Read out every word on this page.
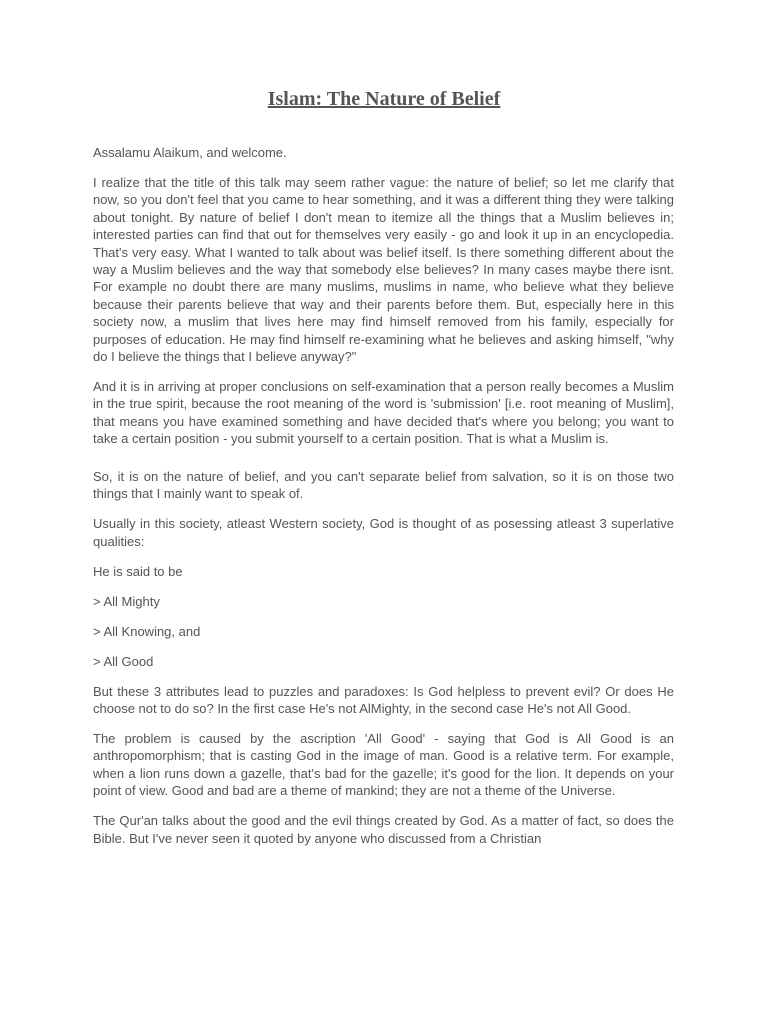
Islam: The Nature of Belief

Assalamu Alaikum, and welcome.

I realize that the title of this talk may seem rather vague: the nature of belief; so let me clarify that now, so you don't feel that you came to hear something, and it was a different thing they were talking about tonight. By nature of belief I don't mean to itemize all the things that a Muslim believes in; interested parties can find that out for themselves very easily - go and look it up in an encyclopedia. That's very easy. What I wanted to talk about was belief itself. Is there something different about the way a Muslim believes and the way that somebody else believes? In many cases maybe there isnt. For example no doubt there are many muslims, muslims in name, who believe what they believe because their parents believe that way and their parents before them. But, especially here in this society now, a muslim that lives here may find himself removed from his family, especially for purposes of education. He may find himself re-examining what he believes and asking himself, "why do I believe the things that I believe anyway?"

And it is in arriving at proper conclusions on self-examination that a person really becomes a Muslim in the true spirit, because the root meaning of the word is 'submission' [i.e. root meaning of Muslim], that means you have examined something and have decided that's where you belong; you want to take a certain position - you submit yourself to a certain position. That is what a Muslim is.

So, it is on the nature of belief, and you can't separate belief from salvation, so it is on those two things that I mainly want to speak of.

Usually in this society, atleast Western society, God is thought of as posessing atleast 3 superlative qualities:

He is said to be

> All Mighty

> All Knowing, and

> All Good

But these 3 attributes lead to puzzles and paradoxes: Is God helpless to prevent evil? Or does He choose not to do so? In the first case He's not AlMighty, in the second case He's not All Good.

The problem is caused by the ascription 'All Good' - saying that God is All Good is an anthropomorphism; that is casting God in the image of man. Good is a relative term. For example, when a lion runs down a gazelle, that's bad for the gazelle; it's good for the lion. It depends on your point of view. Good and bad are a theme of mankind; they are not a theme of the Universe.

The Qur'an talks about the good and the evil things created by God. As a matter of fact, so does the Bible. But I've never seen it quoted by anyone who discussed from a Christian
